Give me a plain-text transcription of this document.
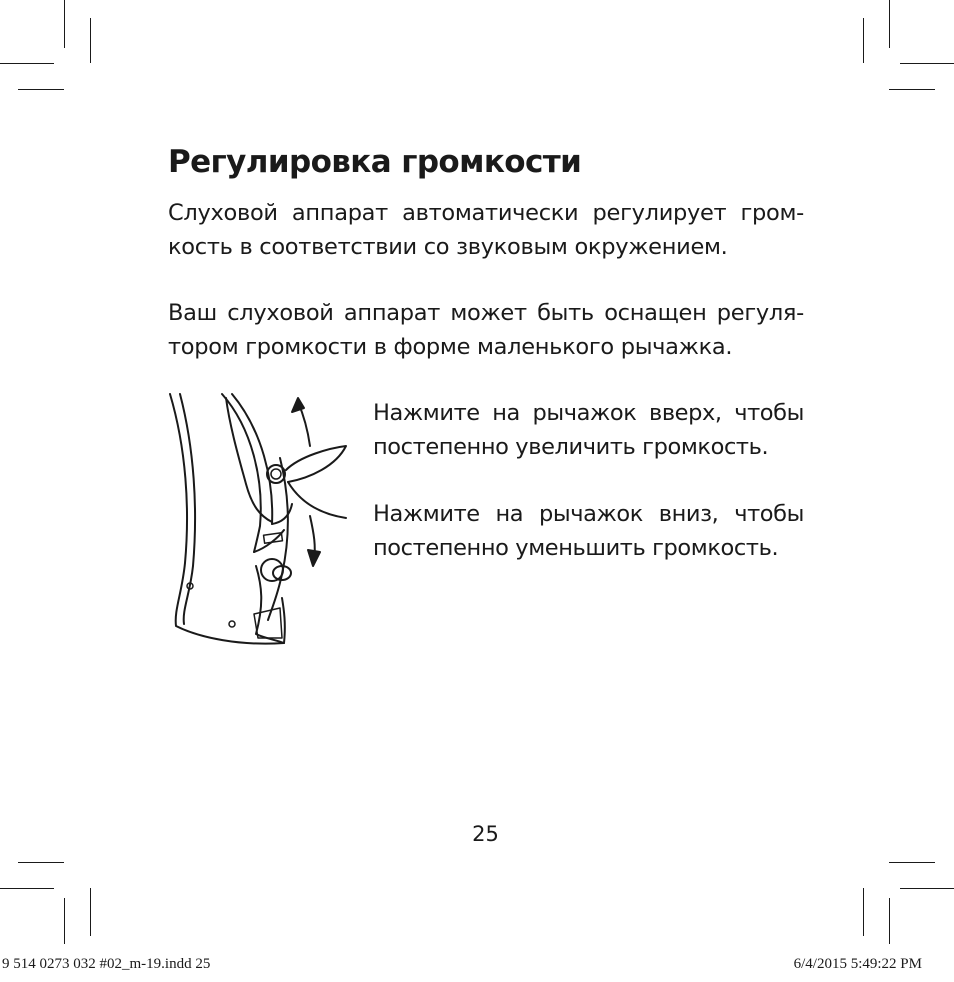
Регулировка громкости
Слуховой аппарат автоматически регулирует гром-
кость в соответствии со звуковым окружением.
Ваш слуховой аппарат может быть оснащен регуля-
тором громкости в форме маленького рычажка.
Нажмите на рычажок вверх, чтобы
постепенно увеличить громкость.
Нажмите на рычажок вниз, чтобы
постепенно уменьшить громкость.
25
9 514 0273 032 #02_m-19.indd 25	6/4/2015 5:49:22 PM
